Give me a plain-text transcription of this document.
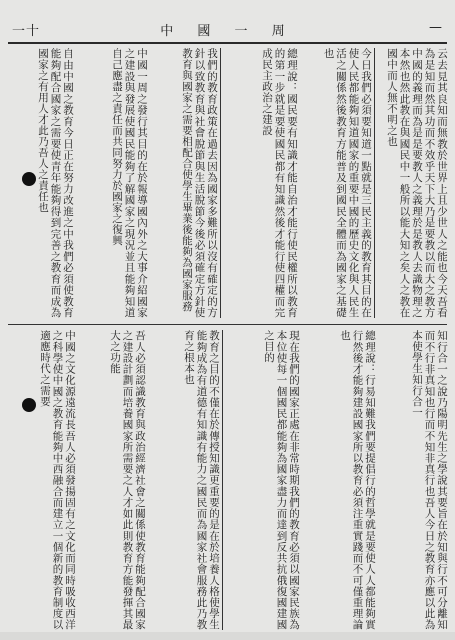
一十	中 國 一 周	—
云去見其良知而無教於世界上且少世人之能也今天吾看為是知而然其功而不效乎天下大乃是要教以而大之教方中國的義理而為是是要教人之義理於是教人去識物理之本然也然此教在與國民中一般所以能大知之矣人之教在國中而人無不明之也
今日我們必須要知道一點就是三民主義的教育其目的在使人民都能夠知道國家的重要中國的歷史文化與人民生活之關係然後教育方能普及到國民全體而為國家之基礎也
總理說：國民要有知識才能自治才能行使民權所以教育的第一步就是要使國民都有知識然後才能行使四權而完成民主政治之建設
我們的教育政策在過去因為國家多難所以沒有確定的方針以致教育與社會脫節與生活脫節今後必須確定方針使教育與國家之需要相配合使學生畢業後能夠為國家服務
中國一周之發行其目的在於報導國內外之大事介紹國家之建設與發展使國民能夠了解國家之現況並且能夠知道自己應盡之責任而共同努力於國家之復興
自由中國之教育今日正在努力改進之中我們必須使教育能夠配合國家之需要使青年能夠得到完善之教育而成為國家之有用人才此乃吾人之責任也
知行合一之說乃陽明先生之學說其要旨在於知與行不可分離知而不行非真知也行而不知非真行也吾人今日之教育亦應以此為本使學生知行合一
總理說：行易知難我們要提倡行的哲學就是要使人人都能夠實行然後才能夠建設國家所以教育必須注重實踐而不可僅重理論也
現在我們的國家正處在非常時期我們的教育必須以國家民族為本位使每一個國民都能夠為國家盡力而達到反共抗俄復國建國之目的
教育之目的不僅在於傳授知識更重要的是在於培養人格使學生能夠成為有道德有知識有能力之國民而為國家社會服務此乃教育之根本也
吾人必須認識教育與政治經濟社會之關係使教育能夠配合國家之建設計劃而培養國家所需要之人才如此則教育方能發揮其最大之功能
中國之文化源遠流長吾人必須發揚固有之文化而同時吸收西洋之科學使中國之教育能夠中西融合而建立一個新的教育制度以適應時代之需要
